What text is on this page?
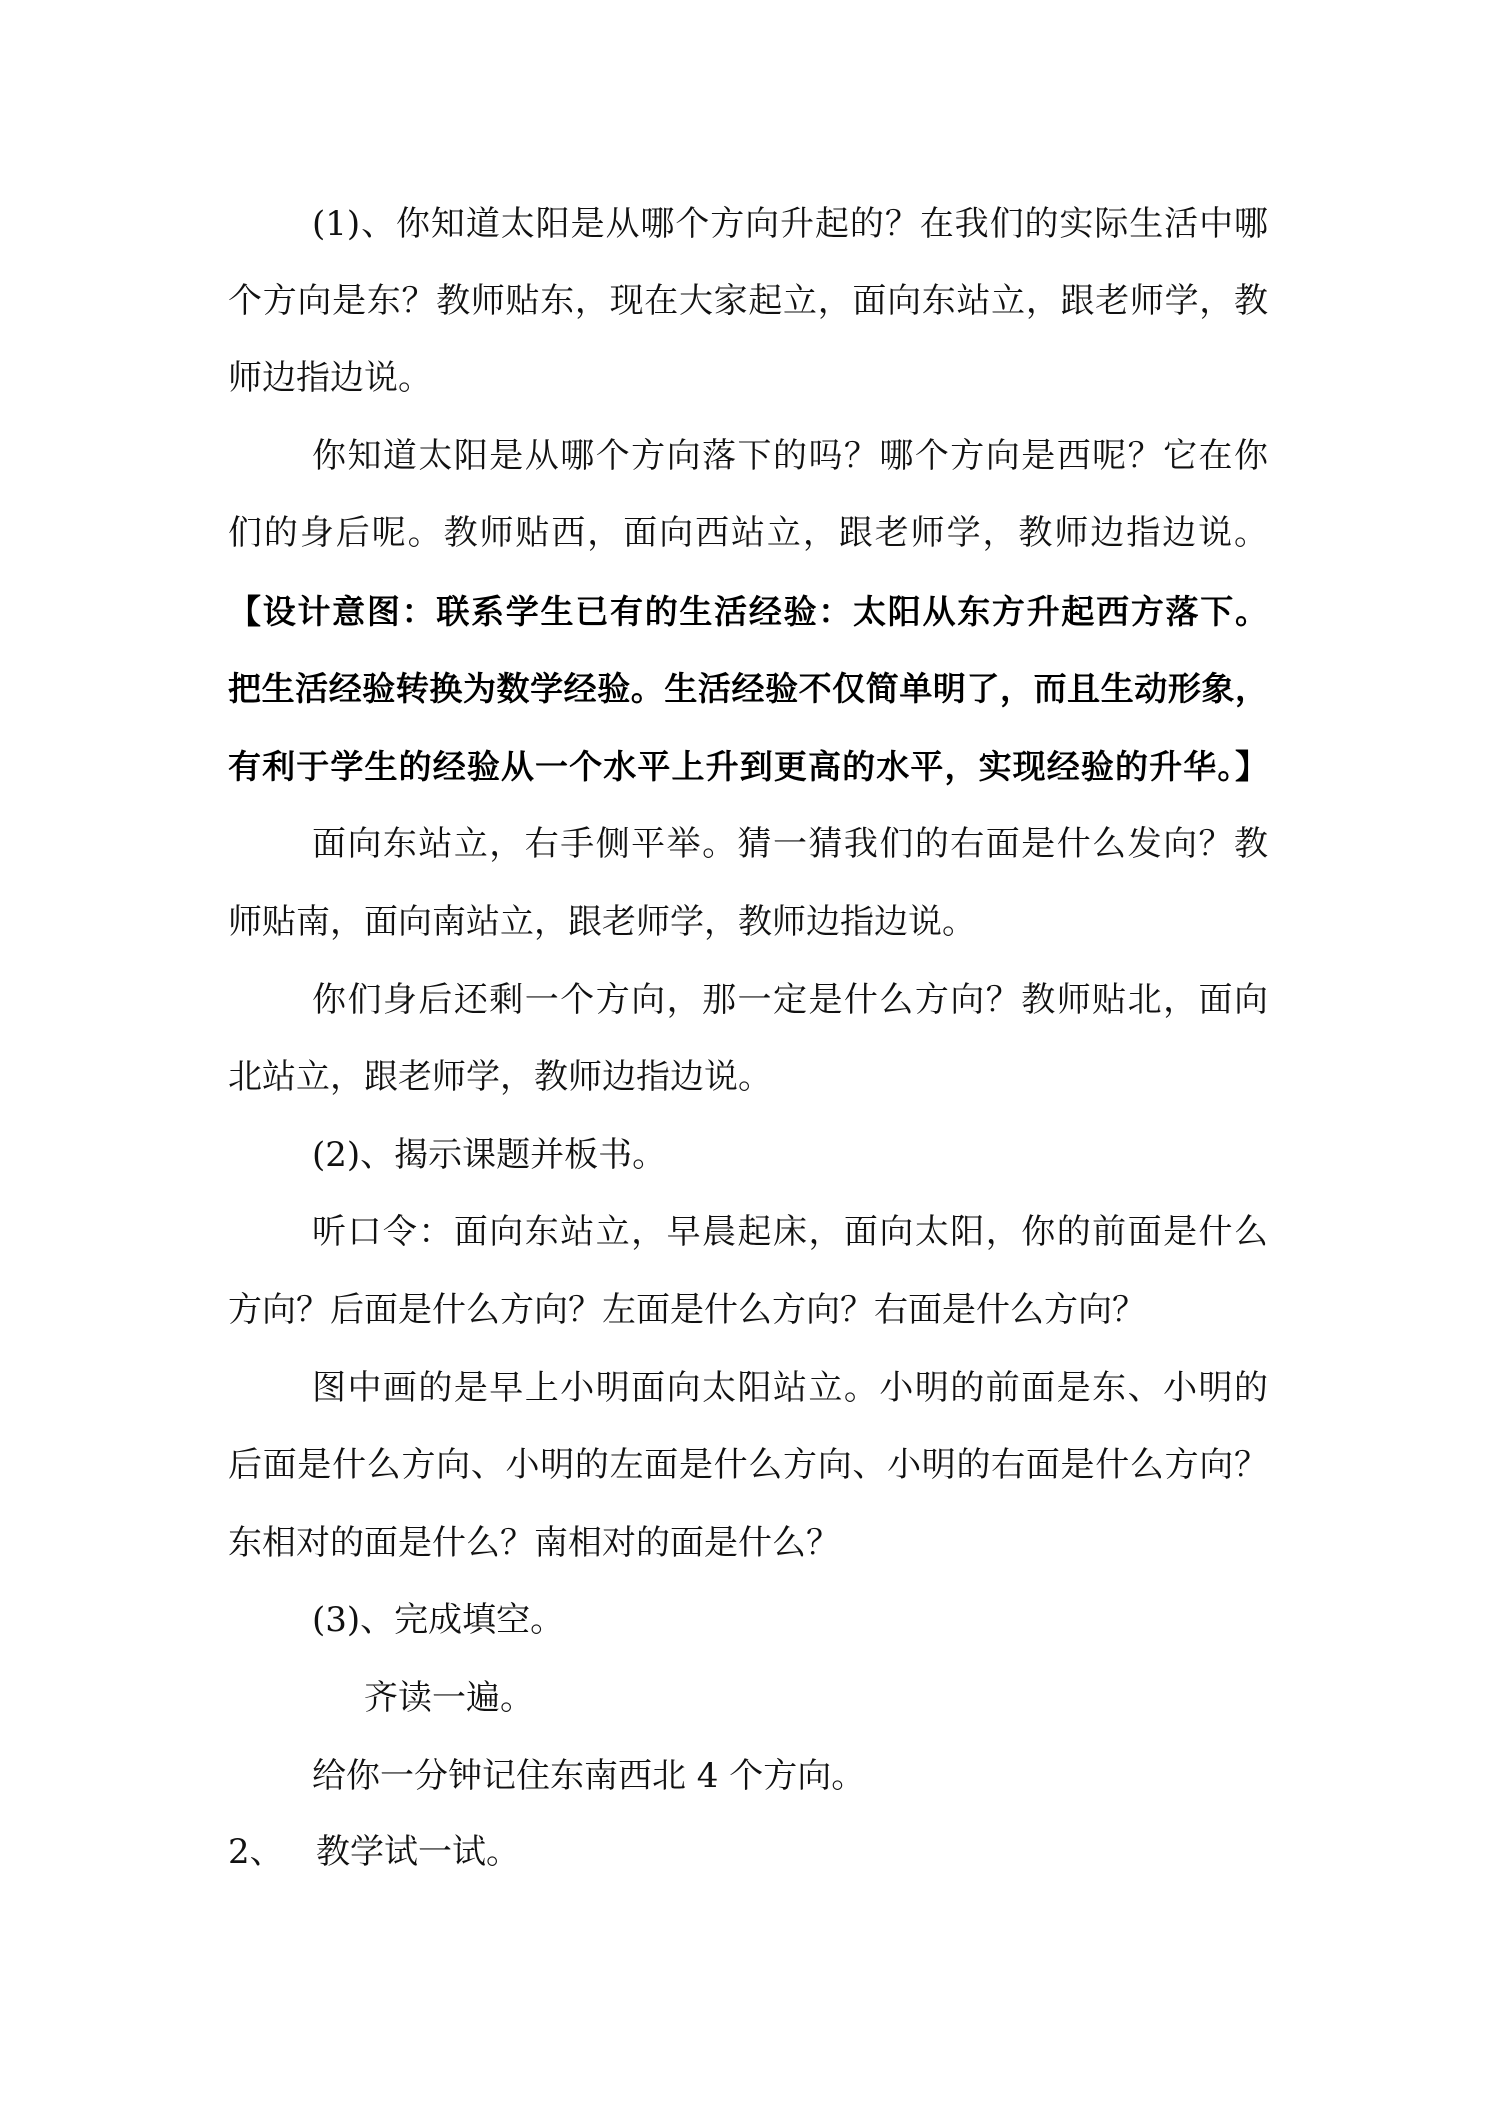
(1)、你知道太阳是从哪个方向升起的？在我们的实际生活中哪
个方向是东？教师贴东，现在大家起立，面向东站立，跟老师学，教
师边指边说。
你知道太阳是从哪个方向落下的吗？哪个方向是西呢？它在你
们的身后呢。教师贴西，面向西站立，跟老师学，教师边指边说。
【设计意图：联系学生已有的生活经验：太阳从东方升起西方落下。
把生活经验转换为数学经验。生活经验不仅简单明了，而且生动形象，
有利于学生的经验从一个水平上升到更高的水平，实现经验的升华。】
面向东站立，右手侧平举。猜一猜我们的右面是什么发向？教
师贴南，面向南站立，跟老师学，教师边指边说。
你们身后还剩一个方向，那一定是什么方向？教师贴北，面向
北站立，跟老师学，教师边指边说。
(2)、揭示课题并板书。
听口令：面向东站立，早晨起床，面向太阳，你的前面是什么
方向？后面是什么方向？左面是什么方向？右面是什么方向？
图中画的是早上小明面向太阳站立。小明的前面是东、小明的
后面是什么方向、小明的左面是什么方向、小明的右面是什么方向？
东相对的面是什么？南相对的面是什么？
(3)、完成填空。
齐读一遍。
给你一分钟记住东南西北 4 个方向。
2、 教学试一试。
